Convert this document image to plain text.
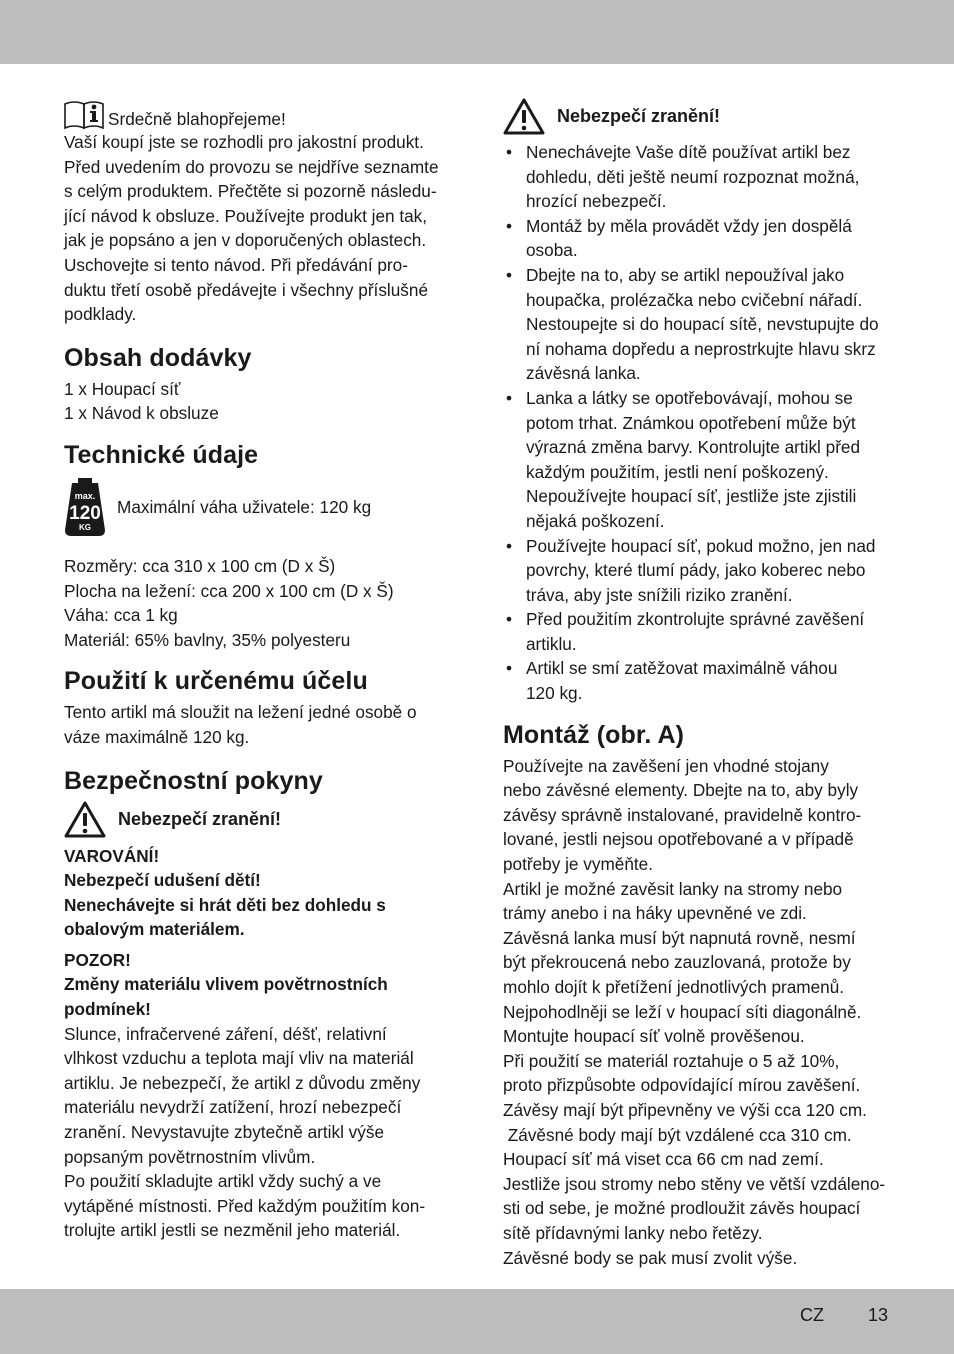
Srdečně blahopřejeme!

Vaší koupí jste se rozhodli pro jakostní produkt.

Před uvedením do provozu se nejdříve seznamte

s celým produktem. Přečtěte si pozorně následu-

jící návod k obsluze. Používejte produkt jen tak,

jak je popsáno a jen v doporučených oblastech.

Uschovejte si tento návod. Při předávání pro-

duktu třetí osobě předávejte i všechny příslušné

podklady.

Obsah dodávky

1 x Houpací síť

1 x Návod k obsluze

Technické údaje
max.
120
KG
Maximální váha uživatele: 120 kg

Rozměry: cca 310 x 100 cm (D x Š)

Plocha na ležení: cca 200 x 100 cm (D x Š)

Váha: cca 1 kg

Materiál: 65% bavlny, 35% polyesteru

Použití k určenému účelu

Tento artikl má sloužit na ležení jedné osobě o

váze maximálně 120 kg.

Bezpečnostní pokyny
Nebezpečí zranění!

VAROVÁNÍ!

Nebezpečí udušení dětí!

Nenechávejte si hrát děti bez dohledu s

obalovým materiálem.

POZOR!

Změny materiálu vlivem povětrnostních

podmínek!

Slunce, infračervené záření, déšť, relativní

vlhkost vzduchu a teplota mají vliv na materiál

artiklu. Je nebezpečí, že artikl z důvodu změny

materiálu nevydrží zatížení, hrozí nebezpečí

zranění. Nevystavujte zbytečně artikl výše

popsaným povětrnostním vlivům.

Po použití skladujte artikl vždy suchý a ve

vytápěné místnosti. Před každým použitím kon-

trolujte artikl jestli se nezměnil jeho materiál.

Nebezpečí zranění!

• Nenechávejte Vaše dítě používat artikl bez

dohledu, děti ještě neumí rozpoznat možná,

hrozící nebezpečí.

• Montáž by měla provádět vždy jen dospělá

osoba.

• Dbejte na to, aby se artikl nepoužíval jako

houpačka, prolézačka nebo cvičební nářadí.

Nestoupejte si do houpací sítě, nevstupujte do

ní nohama dopředu a neprostrkujte hlavu skrz

závěsná lanka.

• Lanka a látky se opotřebovávají, mohou se

potom trhat. Známkou opotřebení může být

výrazná změna barvy. Kontrolujte artikl před

každým použitím, jestli není poškozený.

Nepoužívejte houpací síť, jestliže jste zjistili

nějaká poškození.

• Používejte houpací síť, pokud možno, jen nad

povrchy, které tlumí pády, jako koberec nebo

tráva, aby jste snížili riziko zranění.

• Před použitím zkontrolujte správné zavěšení

artiklu.

• Artikl se smí zatěžovat maximálně váhou

120 kg.

Montáž (obr. A)

Používejte na zavěšení jen vhodné stojany

nebo závěsné elementy. Dbejte na to, aby byly

závěsy správně instalované, pravidelně kontro-

lované, jestli nejsou opotřebované a v případě

potřeby je vyměňte.

Artikl je možné zavěsit lanky na stromy nebo

trámy anebo i na háky upevněné ve zdi.

Závěsná lanka musí být napnutá rovně, nesmí

být překroucená nebo zauzlovaná, protože by

mohlo dojít k přetížení jednotlivých pramenů.

Nejpohodlněji se leží v houpací síti diagonálně.

Montujte houpací síť volně prověšenou.

Při použití se materiál roztahuje o 5 až 10%,

proto přizpůsobte odpovídající mírou zavěšení.

Závěsy mají být připevněny ve výši cca 120 cm.

Závěsné body mají být vzdálené cca 310 cm.

Houpací síť má viset cca 66 cm nad zemí.

Jestliže jsou stromy nebo stěny ve větší vzdáleno-

sti od sebe, je možné prodloužit závěs houpací

sítě přídavnými lanky nebo řetězy.

Závěsné body se pak musí zvolit výše.

CZ 13
